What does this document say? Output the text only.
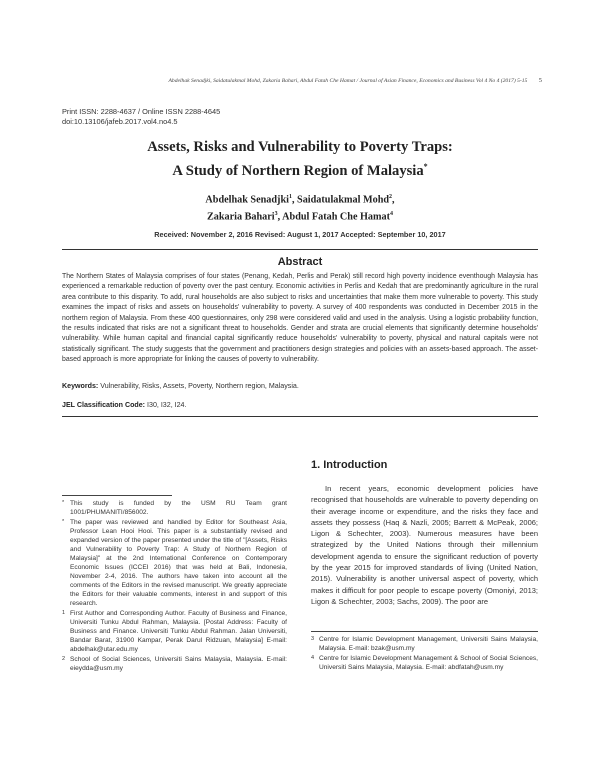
Abdelhak Senadjki, Saidatulakmal Mohd, Zakaria Bahari, Abdul Fatah Che Hamat / Journal of Asian Finance, Economics and Business Vol 4 No 4 (2017) 5-15 5
Print ISSN: 2288-4637 / Online ISSN 2288-4645
doi:10.13106/jafeb.2017.vol4.no4.5
Assets, Risks and Vulnerability to Poverty Traps:
A Study of Northern Region of Malaysia*
Abdelhak Senadjki$^1$, Saidatulakmal Mohd$^2$,
Zakaria Bahari$^3$, Abdul Fatah Che Hamat$^4$
Received: November 2, 2016 Revised: August 1, 2017 Accepted: September 10, 2017
Abstract

The Northern States of Malaysia comprises of four states (Penang, Kedah, Perlis and Perak) still record high poverty incidence eventhough Malaysia has experienced a remarkable reduction of poverty over the past century. Economic activities in Perlis and Kedah that are predominantly agriculture in the rural area contribute to this disparity. To add, rural households are also subject to risks and uncertainties that make them more vulnerable to poverty. This study examines the impact of risks and assets on households' vulnerability to poverty. A survey of 400 respondents was conducted in December 2015 in the northern region of Malaysia. From these 400 questionnaires, only 298 were considered valid and used in the analysis. Using a logistic probability function, the results indicated that risks are not a significant threat to households. Gender and strata are crucial elements that significantly determine households' vulnerability. While human capital and financial capital significantly reduce households' vulnerability to poverty, physical and natural capitals were not statistically significant. The study suggests that the government and practitioners design strategies and policies with an assets-based approach. The asset-based approach is more appropriate for linking the causes of poverty to vulnerability.

Keywords: Vulnerability, Risks, Assets, Poverty, Northern region, Malaysia.
JEL Classification Code: I30, I32, I24.
* This study is funded by the USM RU Team grant 1001/PHUMANITI/856002.
* The paper was reviewed and handled by Editor for Southeast Asia, Professor Lean Hooi Hooi. This paper is a substantially revised and expanded version of the paper presented under the title of "[Assets, Risks and Vulnerability to Poverty Trap: A Study of Northern Region of Malaysia]" at the 2nd International Conference on Contemporary Economic Issues (ICCEI 2016) that was held at Bali, Indonesia, November 2-4, 2016. The authors have taken into account all the comments of the Editors in the revised manuscript. We greatly appreciate the Editors for their valuable comments, interest in and support of this research.
1 First Author and Corresponding Author. Faculty of Business and Finance, Universiti Tunku Abdul Rahman, Malaysia. [Postal Address: Faculty of Business and Finance. Universiti Tunku Abdul Rahman. Jalan Universiti, Bandar Barat, 31900 Kampar, Perak Darul Ridzuan, Malaysia] E-mail: abdelhak@utar.edu.my
2 School of Social Sciences, Universiti Sains Malaysia, Malaysia. E-mail: eieydda@usm.my
1. Introduction

In recent years, economic development policies have recognised that households are vulnerable to poverty depending on their average income or expenditure, and the risks they face and assets they possess (Haq & Nazli, 2005; Barrett & McPeak, 2006; Ligon & Schechter, 2003). Numerous measures have been strategized by the United Nations through their millennium development agenda to ensure the significant reduction of poverty by the year 2015 for improved standards of living (United Nation, 2015). Vulnerability is another universal aspect of poverty, which makes it difficult for poor people to escape poverty (Omoniyi, 2013; Ligon & Schechter, 2003; Sachs, 2009). The poor are

3 Centre for Islamic Development Management, Universiti Sains Malaysia, Malaysia. E-mail: bzak@usm.my
4 Centre for Islamic Development Management & School of Social Sciences, Universiti Sains Malaysia, Malaysia. E-mail: abdfatah@usm.my
